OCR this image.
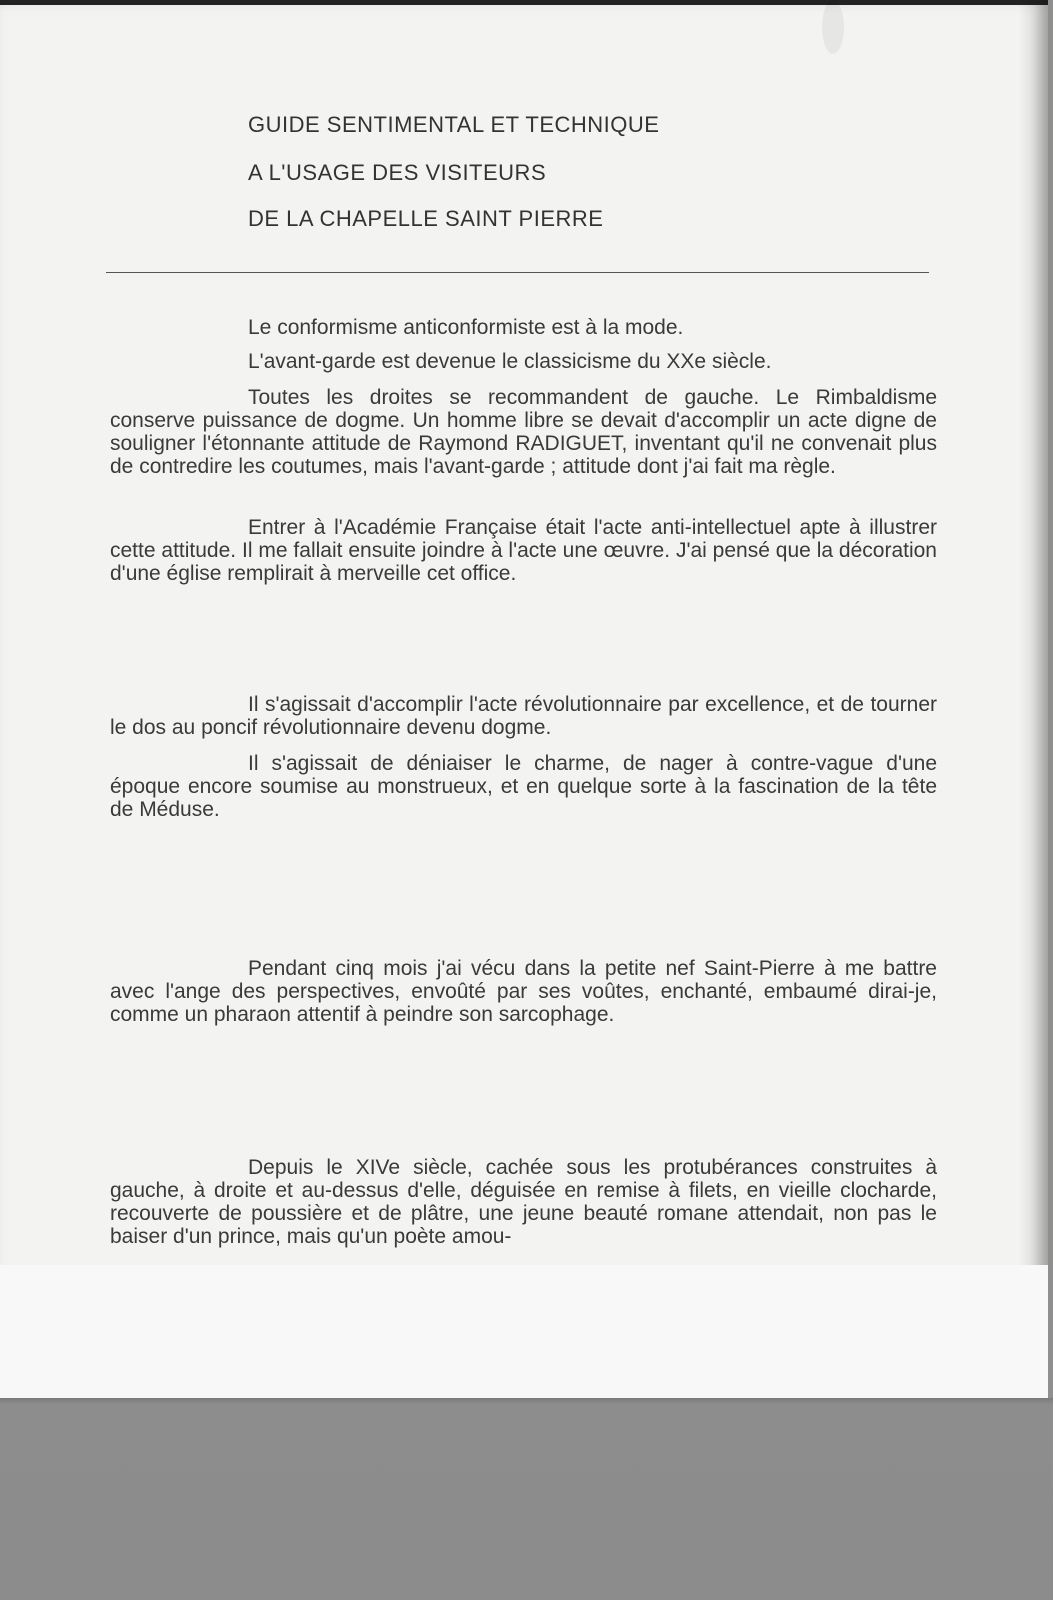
GUIDE SENTIMENTAL ET TECHNIQUE

A L'USAGE DES VISITEURS

DE LA CHAPELLE SAINT PIERRE

Le conformisme anticonformiste est à la mode.

L'avant-garde est devenue le classicisme du XXe siècle.

Toutes les droites se recommandent de gauche. Le Rimbaldisme conserve puissance de dogme. Un homme libre se devait d'accomplir un acte digne de souligner l'étonnante attitude de Raymond RADIGUET, inventant qu'il ne convenait plus de contredire les coutumes, mais l'avant-garde ; attitude dont j'ai fait ma règle.

Entrer à l'Académie Française était l'acte anti-intellectuel apte à illustrer cette attitude. Il me fallait ensuite joindre à l'acte une œuvre. J'ai pensé que la décoration d'une église remplirait à merveille cet office.

Il s'agissait d'accomplir l'acte révolutionnaire par excellence, et de tourner le dos au poncif révolutionnaire devenu dogme.

Il s'agissait de déniaiser le charme, de nager à contre-vague d'une époque encore soumise au monstrueux, et en quelque sorte à la fascination de la tête de Méduse.

Pendant cinq mois j'ai vécu dans la petite nef Saint-Pierre à me battre avec l'ange des perspectives, envoûté par ses voûtes, enchanté, embaumé dirai-je, comme un pharaon attentif à peindre son sarcophage.

Depuis le XIVe siècle, cachée sous les protubérances construites à gauche, à droite et au-dessus d'elle, déguisée en remise à filets, en vieille clocharde, recouverte de poussière et de plâtre, une jeune beauté romane attendait, non pas le baiser d'un prince, mais qu'un poète amou-
